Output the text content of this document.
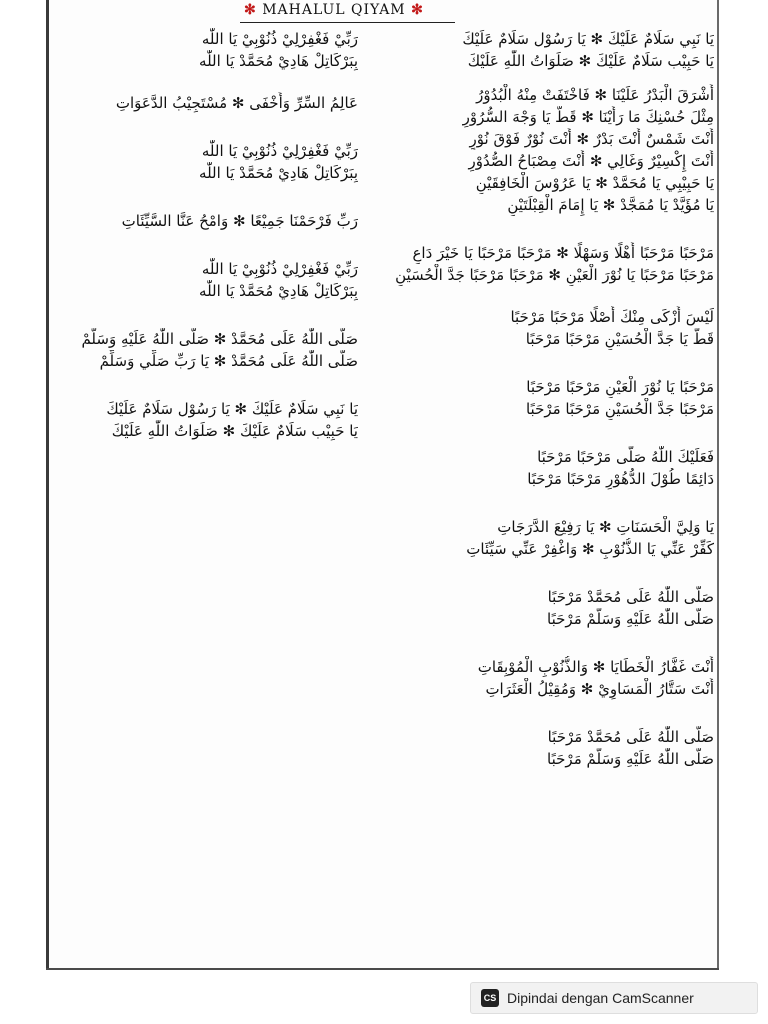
✻ MAHALUL QIYAM ✻
يَا نَبِي سَلَامٌ عَلَيْكَ ✻ يَا رَسُوْل سَلَامٌ عَلَيْكَ
يَا حَبِيْب سَلَامٌ عَلَيْكَ ✻ صَلَوَاتُ اللّٰهِ عَلَيْكَ
أَشْرَقَ الْبَدْرُ عَلَيْنَا ✻ فَاخْتَفَتْ مِنْهُ الْبُدُوْرُ
مِثْلَ حُسْنِكَ مَا رَأَيْنَا ✻ قَطُّ يَا وَجْهَ السُّرُوْرِ
أَنْتَ شَمْسٌ أَنْتَ بَدْرٌ ✻ أَنْتَ نُوْرٌ فَوْقَ نُوْرٍ
أَنْتَ إِكْسِيْرٌ وَغَالِي ✻ أَنْتَ مِصْبَاحُ الصُّدُوْرِ
يَا حَبِيْبِي يَا مُحَمَّدْ ✻ يَا عَرُوْسَ الْخَافِقَيْنِ
يَا مُؤَيَّدْ يَا مُمَجَّدْ ✻ يَا إِمَامَ الْقِبْلَتَيْنِ
مَرْحَبًا مَرْحَبًا أَهْلًا وَسَهْلًا ✻ مَرْحَبًا مَرْحَبًا يَا خَيْرَ دَاعِ
مَرْحَبًا مَرْحَبًا يَا نُوْرَ الْعَيْنِ ✻ مَرْحَبًا مَرْحَبًا جَدَّ الْحُسَيْنِ
لَيْسَ أَزْكَى مِنْكَ أَصْلًا مَرْحَبًا مَرْحَبًا
قَطُّ يَا جَدَّ الْحُسَيْنِ مَرْحَبًا مَرْحَبًا
مَرْحَبًا يَا نُوْرَ الْعَيْنِ مَرْحَبًا مَرْحَبًا
مَرْحَبًا جَدَّ الْحُسَيْنِ مَرْحَبًا مَرْحَبًا
فَعَلَيْكَ اللّٰهُ صَلَّى مَرْحَبًا مَرْحَبًا
دَائِمًا طُوْلَ الدُّهُوْرِ مَرْحَبًا مَرْحَبًا
يَا وَلِيَّ الْحَسَنَاتِ ✻ يَا رَفِيْعَ الدَّرَجَاتِ
كَفِّرْ عَنِّي يَا الذُّنُوْبِ ✻ وَاغْفِرْ عَنِّي سَيِّئَاتِ
صَلَّى اللّٰهُ عَلَى مُحَمَّدْ مَرْحَبًا
صَلَّى اللّٰهُ عَلَيْهِ وَسَلَّمْ مَرْحَبًا
أَنْتَ غَفَّارُ الْخَطَايَا ✻ وَالذُّنُوْبِ الْمُوْبِقَاتِ
أَنْتَ سَتَّارُ الْمَسَاوِيْ ✻ وَمُقِيْلُ الْعَثَرَاتِ
صَلَّى اللّٰهُ عَلَى مُحَمَّدْ مَرْحَبًا
صَلَّى اللّٰهُ عَلَيْهِ وَسَلَّمْ مَرْحَبًا
رَبِّيْ فَغْفِرْلِيْ ذُنُوْبِيْ يَا اللّٰه
بِبَرْكَاتِلْ هَادِيْ مُحَمَّدْ يَا اللّٰه
عَالِمُ السِّرِّ وَأَخْفَى ✻ مُسْتَجِيْبُ الدَّعَوَاتِ
رَبِّيْ فَغْفِرْلِيْ ذُنُوْبِيْ يَا اللّٰه
بِبَرْكَاتِلْ هَادِيْ مُحَمَّدْ يَا اللّٰه
رَبِّ فَرْحَمْنَا جَمِيْعًا ✻ وَامْحُ عَنَّا السَّيِّئَاتِ
رَبِّيْ فَغْفِرْلِيْ ذُنُوْبِيْ يَا اللّٰه
بِبَرْكَاتِلْ هَادِيْ مُحَمَّدْ يَا اللّٰه
صَلَّى اللّٰهُ عَلَى مُحَمَّدْ ✻ صَلَّى اللّٰهُ عَلَيْهِ وَسَلَّمْ
صَلَّى اللّٰهُ عَلَى مُحَمَّدْ ✻ يَا رَبِّ صَلِّي وَسَلِّمْ
يَا نَبِي سَلَامٌ عَلَيْكَ ✻ يَا رَسُوْل سَلَامٌ عَلَيْكَ
يَا حَبِيْب سَلَامٌ عَلَيْكَ ✻ صَلَوَاتُ اللّٰهِ عَلَيْكَ
CS Dipindai dengan CamScanner
